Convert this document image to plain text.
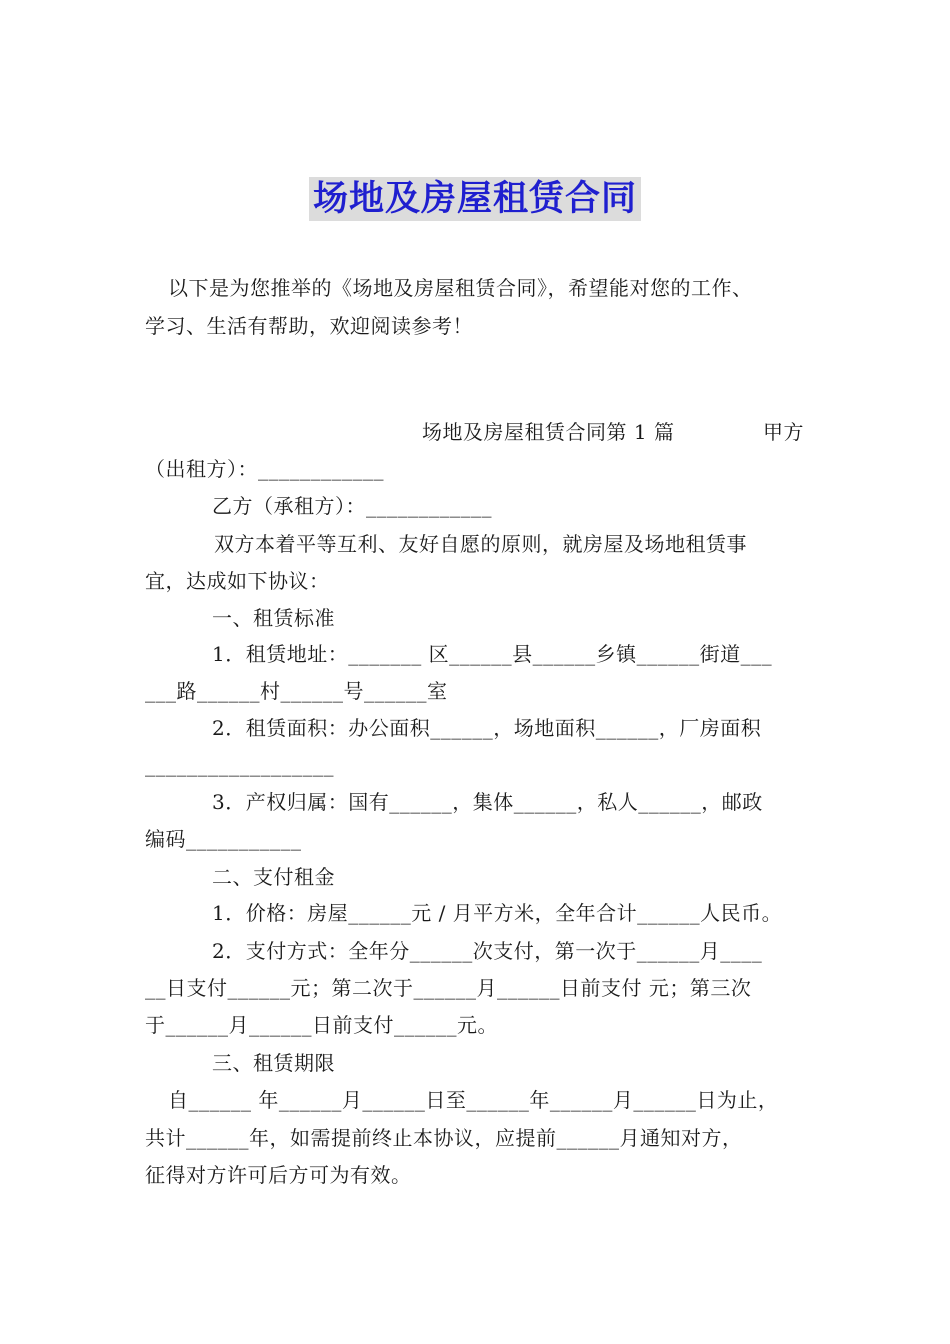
场地及房屋租赁合同
以下是为您推举的《场地及房屋租赁合同》，希望能对您的工作、
学习、生活有帮助，欢迎阅读参考！
场地及房屋租赁合同第 1 篇	甲方
（出租方）：____________
乙方（承租方）：____________
双方本着平等互利、友好自愿的原则，就房屋及场地租赁事
宜，达成如下协议：
一、租赁标准
1．租赁地址：_______ 区______县______乡镇______街道___
___路______村______号______室
2．租赁面积：办公面积______，场地面积______，厂房面积
__________________
3．产权归属：国有______，集体______，私人______，邮政
编码___________
二、支付租金
1．价格：房屋______元 / 月平方米，全年合计______人民币。
2．支付方式：全年分______次支付，第一次于______月____
__日支付______元；第二次于______月______日前支付 元；第三次
于______月______日前支付______元。
三、租赁期限
自______ 年______月______日至______年______月______日为止，
共计______年，如需提前终止本协议，应提前______月通知对方，
征得对方许可后方可为有效。
